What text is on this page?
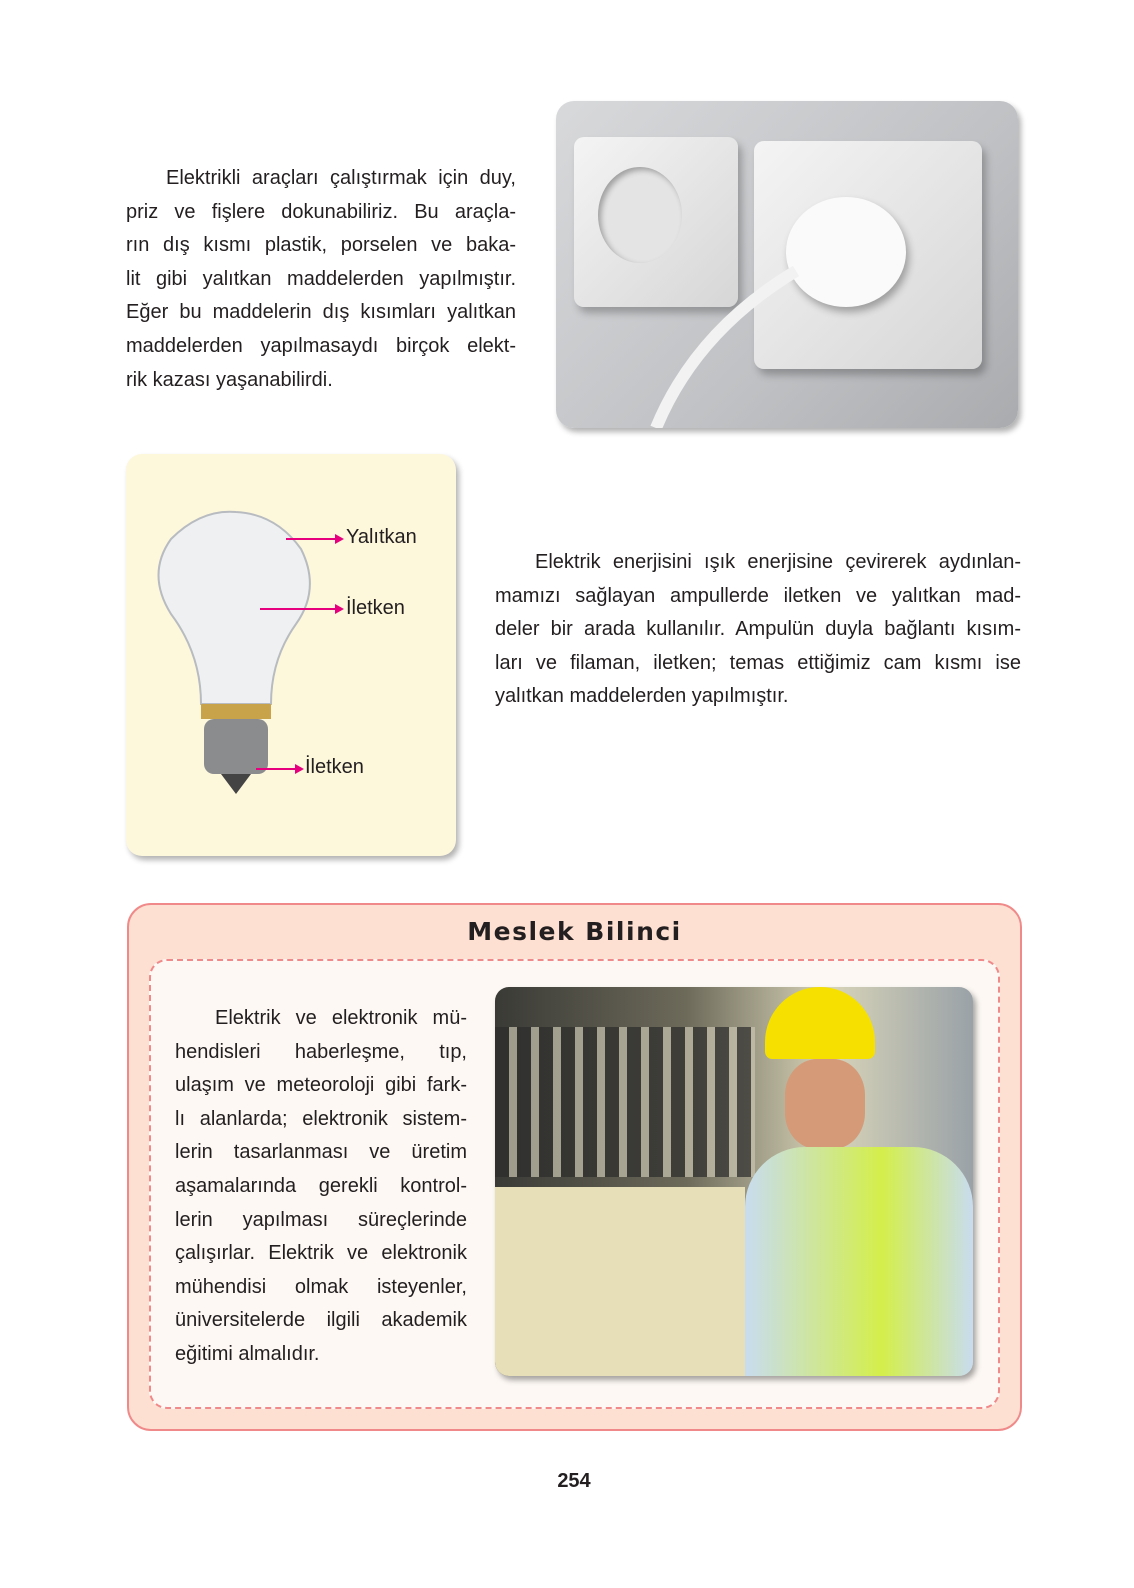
Elektrikli araçları çalıştırmak için duy,
priz ve fişlere dokunabiliriz. Bu araçla-
rın dış kısmı plastik, porselen ve baka-
lit gibi yalıtkan maddelerden yapılmıştır.
Eğer bu maddelerin dış kısımları yalıtkan
maddelerden yapılmasaydı birçok elekt-
rik kazası yaşanabilirdi.
Yalıtkan
İletken
İletken
Elektrik enerjisini ışık enerjisine çevirerek aydınlan-
mamızı sağlayan ampullerde iletken ve yalıtkan mad-
deler bir arada kullanılır. Ampulün duyla bağlantı kısım-
ları ve filaman, iletken; temas ettiğimiz cam kısmı ise
yalıtkan maddelerden yapılmıştır.
Meslek Bilinci
Elektrik ve elektronik mü-
hendisleri haberleşme, tıp,
ulaşım ve meteoroloji gibi fark-
lı alanlarda; elektronik sistem-
lerin tasarlanması ve üretim
aşamalarında gerekli kontrol-
lerin yapılması süreçlerinde
çalışırlar. Elektrik ve elektronik
mühendisi olmak isteyenler,
üniversitelerde ilgili akademik
eğitimi almalıdır.
254
